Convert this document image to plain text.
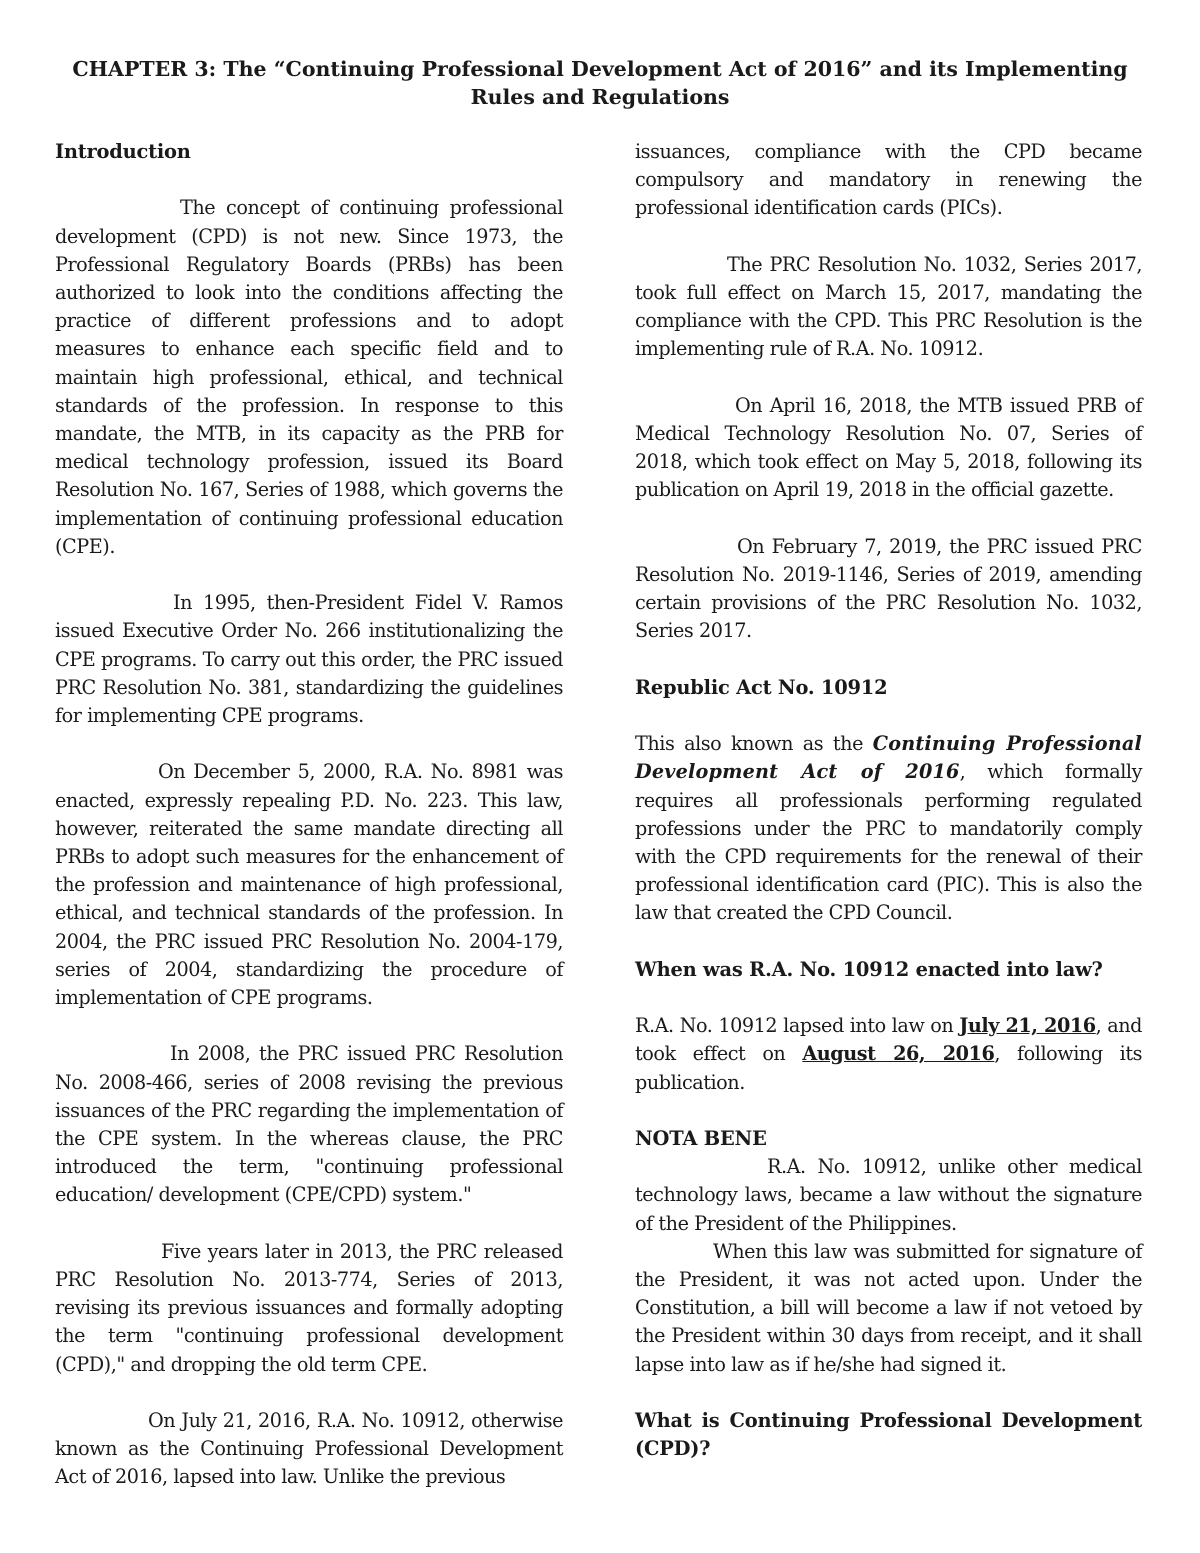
CHAPTER 3: The “Continuing Professional Development Act of 2016” and its Implementing Rules and Regulations
Introduction

The concept of continuing professional development (CPD) is not new. Since 1973, the Professional Regulatory Boards (PRBs) has been authorized to look into the conditions affecting the practice of different professions and to adopt measures to enhance each specific field and to maintain high professional, ethical, and technical standards of the profession. In response to this mandate, the MTB, in its capacity as the PRB for medical technology profession, issued its Board Resolution No. 167, Series of 1988, which governs the implementation of continuing professional education (CPE).

In 1995, then-President Fidel V. Ramos issued Executive Order No. 266 institutionalizing the CPE programs. To carry out this order, the PRC issued PRC Resolution No. 381, standardizing the guidelines for implementing CPE programs.

On December 5, 2000, R.A. No. 8981 was enacted, expressly repealing P.D. No. 223. This law, however, reiterated the same mandate directing all PRBs to adopt such measures for the enhancement of the profession and maintenance of high professional, ethical, and technical standards of the profession. In 2004, the PRC issued PRC Resolution No. 2004-179, series of 2004, standardizing the procedure of implementation of CPE programs.

In 2008, the PRC issued PRC Resolution No. 2008-466, series of 2008 revising the previous issuances of the PRC regarding the implementation of the CPE system. In the whereas clause, the PRC introduced the term, "continuing professional education/ development (CPE/CPD) system."

Five years later in 2013, the PRC released PRC Resolution No. 2013-774, Series of 2013, revising its previous issuances and formally adopting the term "continuing professional development (CPD)," and dropping the old term CPE.

On July 21, 2016, R.A. No. 10912, otherwise known as the Continuing Professional Development Act of 2016, lapsed into law. Unlike the previous

issuances, compliance with the CPD became compulsory and mandatory in renewing the professional identification cards (PICs).

The PRC Resolution No. 1032, Series 2017, took full effect on March 15, 2017, mandating the compliance with the CPD. This PRC Resolution is the implementing rule of R.A. No. 10912.

On April 16, 2018, the MTB issued PRB of Medical Technology Resolution No. 07, Series of 2018, which took effect on May 5, 2018, following its publication on April 19, 2018 in the official gazette.

On February 7, 2019, the PRC issued PRC Resolution No. 2019-1146, Series of 2019, amending certain provisions of the PRC Resolution No. 1032, Series 2017.

Republic Act No. 10912

This also known as the Continuing Professional Development Act of 2016, which formally requires all professionals performing regulated professions under the PRC to mandatorily comply with the CPD requirements for the renewal of their professional identification card (PIC). This is also the law that created the CPD Council.

When was R.A. No. 10912 enacted into law?

R.A. No. 10912 lapsed into law on July 21, 2016, and took effect on August 26, 2016, following its publication.

NOTA BENE

R.A. No. 10912, unlike other medical technology laws, became a law without the signature of the President of the Philippines.

When this law was submitted for signature of the President, it was not acted upon. Under the Constitution, a bill will become a law if not vetoed by the President within 30 days from receipt, and it shall lapse into law as if he/she had signed it.

What is Continuing Professional Development (CPD)?
